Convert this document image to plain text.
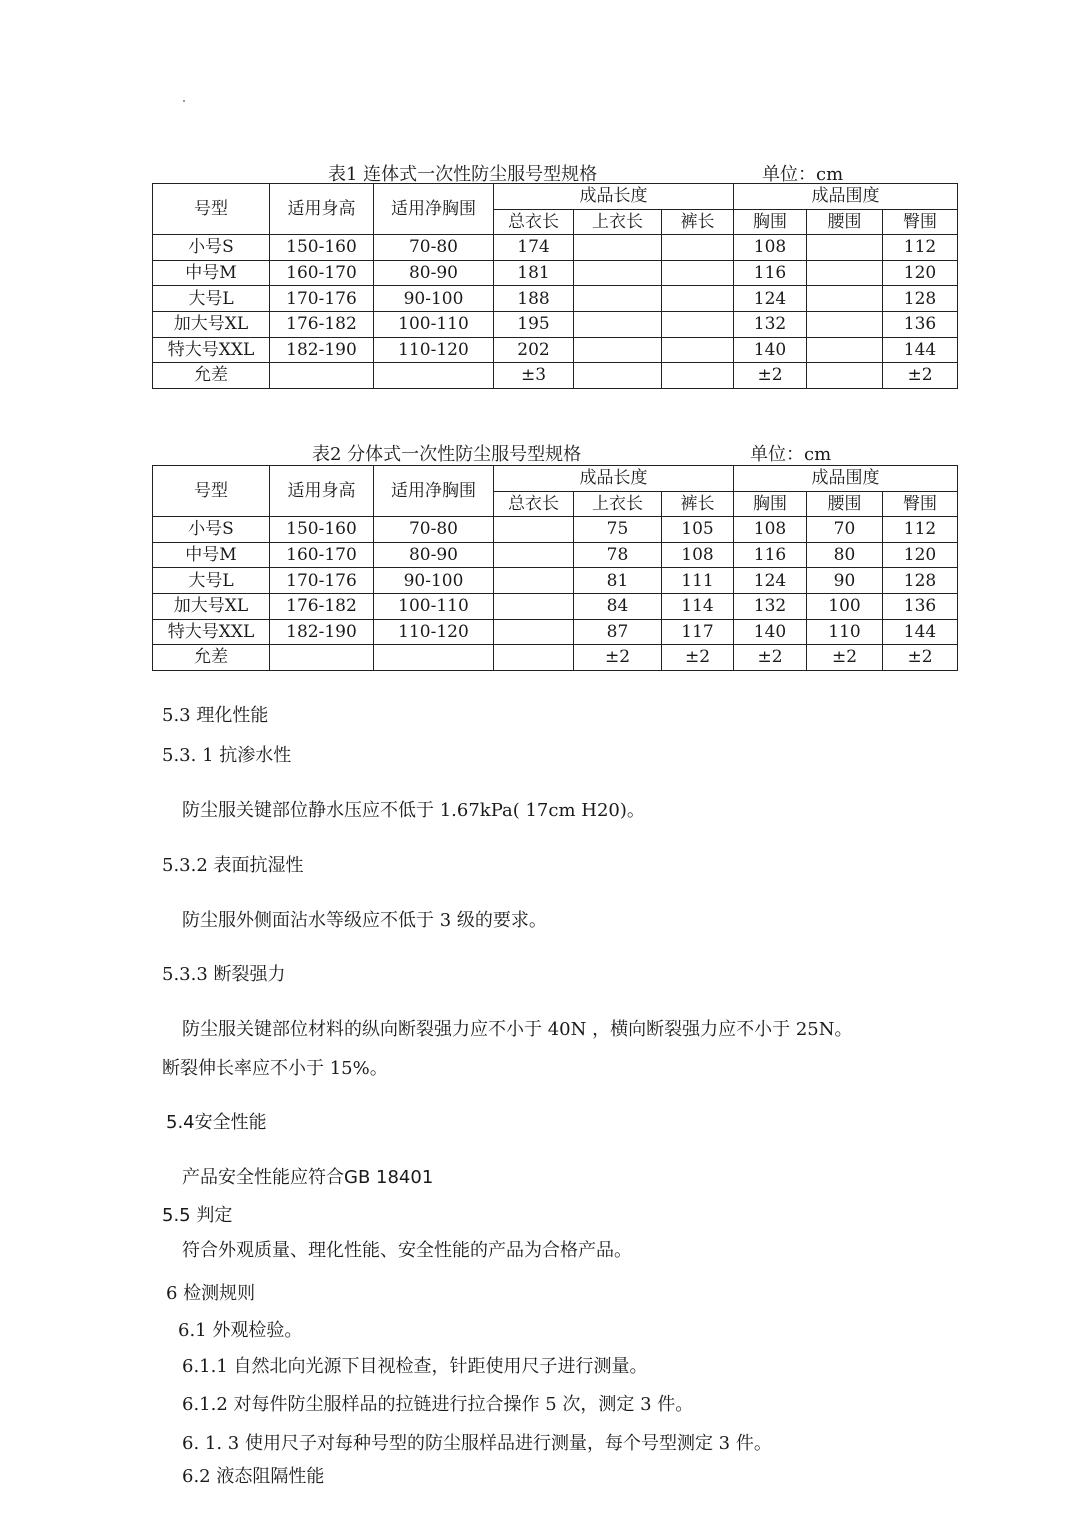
表1 连体式一次性防尘服号型规格	单位：cm
号型	适用身高	适用净胸围	成品长度			成品围度		
			总衣长	上衣长	裤长	胸围	腰围	臀围
小号S	150-160	70-80	174			108		112
中号M	160-170	80-90	181			116		120
大号L	170-176	90-100	188			124		128
加大号XL	176-182	100-110	195			132		136
特大号XXL	182-190	110-120	202			140		144
允差			±3			±2		±2
表2 分体式一次性防尘服号型规格	单位：cm
号型	适用身高	适用净胸围	成品长度			成品围度		
			总衣长	上衣长	裤长	胸围	腰围	臀围
小号S	150-160	70-80		75	105	108	70	112
中号M	160-170	80-90		78	108	116	80	120
大号L	170-176	90-100		81	111	124	90	128
加大号XL	176-182	100-110		84	114	132	100	136
特大号XXL	182-190	110-120		87	117	140	110	144
允差				±2	±2	±2	±2	±2
5.3 理化性能
5.3. 1 抗渗水性
防尘服关键部位静水压应不低于 1.67kPa( 17cm H20)。
5.3.2 表面抗湿性
防尘服外侧面沾水等级应不低于 3 级的要求。
5.3.3 断裂强力
防尘服关键部位材料的纵向断裂强力应不小于 40N ，横向断裂强力应不小于 25N。
断裂伸长率应不小于 15%。
5.4安全性能
产品安全性能应符合GB 18401
5.5 判定
符合外观质量、理化性能、安全性能的产品为合格产品。
6 检测规则
6.1 外观检验。
6.1.1 自然北向光源下目视检查，针距使用尺子进行测量。
6.1.2 对每件防尘服样品的拉链进行拉合操作 5 次，测定 3 件。
6. 1. 3 使用尺子对每种号型的防尘服样品进行测量，每个号型测定 3 件。
6.2 液态阻隔性能
